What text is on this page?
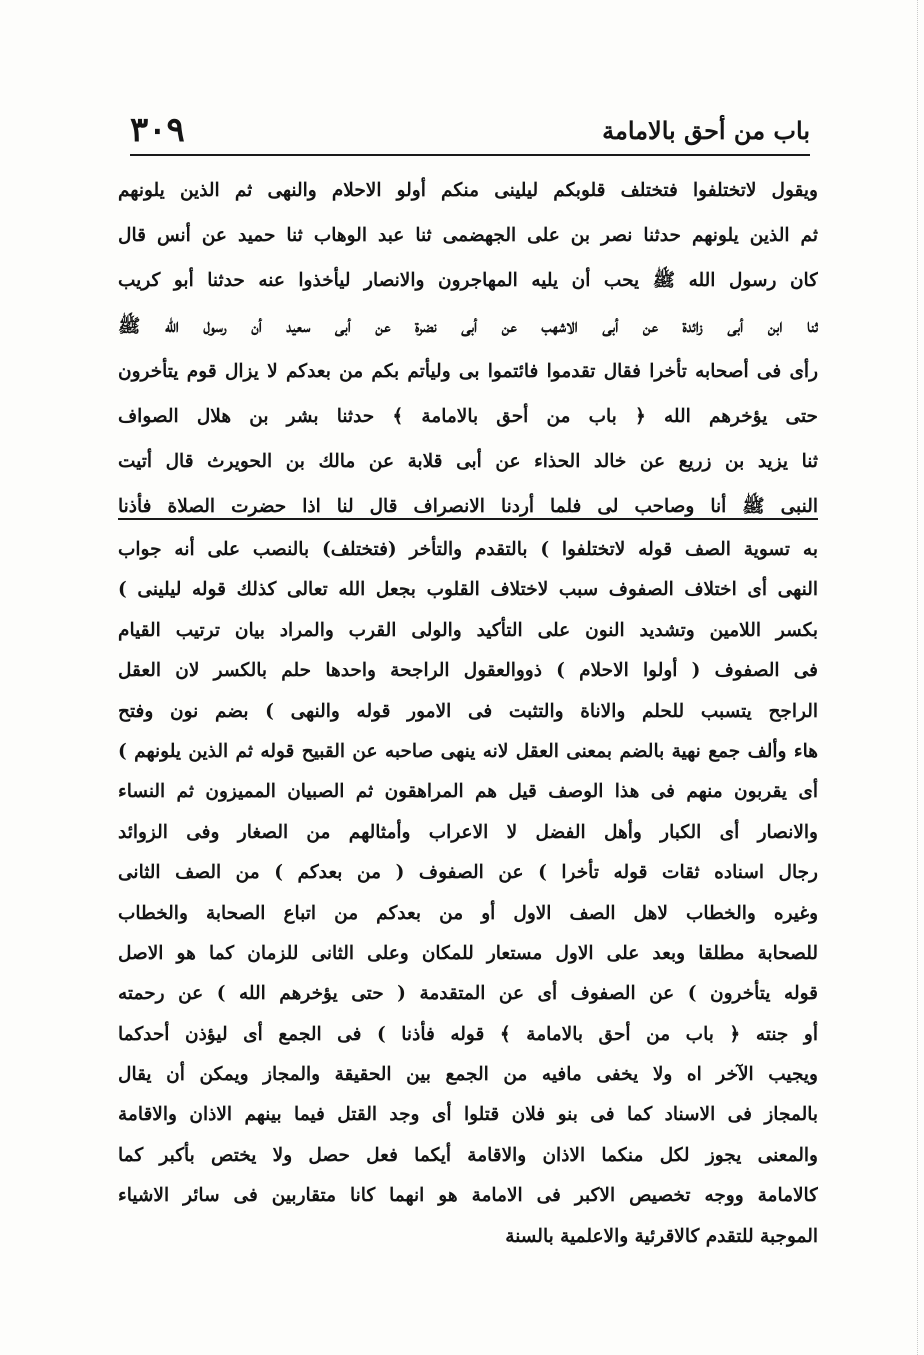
باب من أحق بالامامة
٣٠٩
ويقول لاتختلفوا فتختلف قلوبكم ليلينى منكم أولو الاحلام والنهى ثم الذين يلونهم
ثم الذين يلونهم حدثنا نصر بن على الجهضمى ثنا عبد الوهاب ثنا حميد عن أنس قال
كان رسول الله ﷺ يحب أن يليه المهاجرون والانصار ليأخذوا عنه حدثنا أبو كريب
ثنا ابن أبى زائدة عن أبى الاشهب عن أبى نضرة عن أبى سعيد أن رسول الله ﷺ
رأى فى أصحابه تأخرا فقال تقدموا فائتموا بى وليأتم بكم من بعدكم لا يزال قوم يتأخرون
حتى يؤخرهم الله ﴿ باب من أحق بالامامة ﴾ حدثنا بشر بن هلال الصواف
ثنا يزيد بن زريع عن خالد الحذاء عن أبى قلابة عن مالك بن الحويرث قال أتيت
النبى ﷺ أنا وصاحب لى فلما أردنا الانصراف قال لنا اذا حضرت الصلاة فأذنا
به تسوية الصف قوله لاتختلفوا ) بالتقدم والتأخر (فتختلف) بالنصب على أنه جواب
النهى أى اختلاف الصفوف سبب لاختلاف القلوب بجعل الله تعالى كذلك قوله ليلينى )
بكسر اللامين وتشديد النون على التأكيد والولى القرب والمراد بيان ترتيب القيام
فى الصفوف ( أولوا الاحلام ) ذووالعقول الراجحة واحدها حلم بالكسر لان العقل
الراجح يتسبب للحلم والاناة والتثبت فى الامور قوله والنهى ) بضم نون وفتح
هاء وألف جمع نهية بالضم بمعنى العقل لانه ينهى صاحبه عن القبيح قوله ثم الذين يلونهم )
أى يقربون منهم فى هذا الوصف قيل هم المراهقون ثم الصبيان المميزون ثم النساء
والانصار أى الكبار وأهل الفضل لا الاعراب وأمثالهم من الصغار وفى الزوائد
رجال اسناده ثقات قوله تأخرا ) عن الصفوف ( من بعدكم ) من الصف الثانى
وغيره والخطاب لاهل الصف الاول أو من بعدكم من اتباع الصحابة والخطاب
للصحابة مطلقا وبعد على الاول مستعار للمكان وعلى الثانى للزمان كما هو الاصل
قوله يتأخرون ) عن الصفوف أى عن المتقدمة ( حتى يؤخرهم الله ) عن رحمته
أو جنته ﴿ باب من أحق بالامامة ﴾ قوله فأذنا ) فى الجمع أى ليؤذن أحدكما
ويجيب الآخر اه ولا يخفى مافيه من الجمع بين الحقيقة والمجاز ويمكن أن يقال
بالمجاز فى الاسناد كما فى بنو فلان قتلوا أى وجد القتل فيما بينهم الاذان والاقامة
والمعنى يجوز لكل منكما الاذان والاقامة أيكما فعل حصل ولا يختص بأكبر كما
كالامامة ووجه تخصيص الاكبر فى الامامة هو انهما كانا متقاربين فى سائر الاشياء
الموجبة للتقدم كالاقرئية والاعلمية بالسنة
